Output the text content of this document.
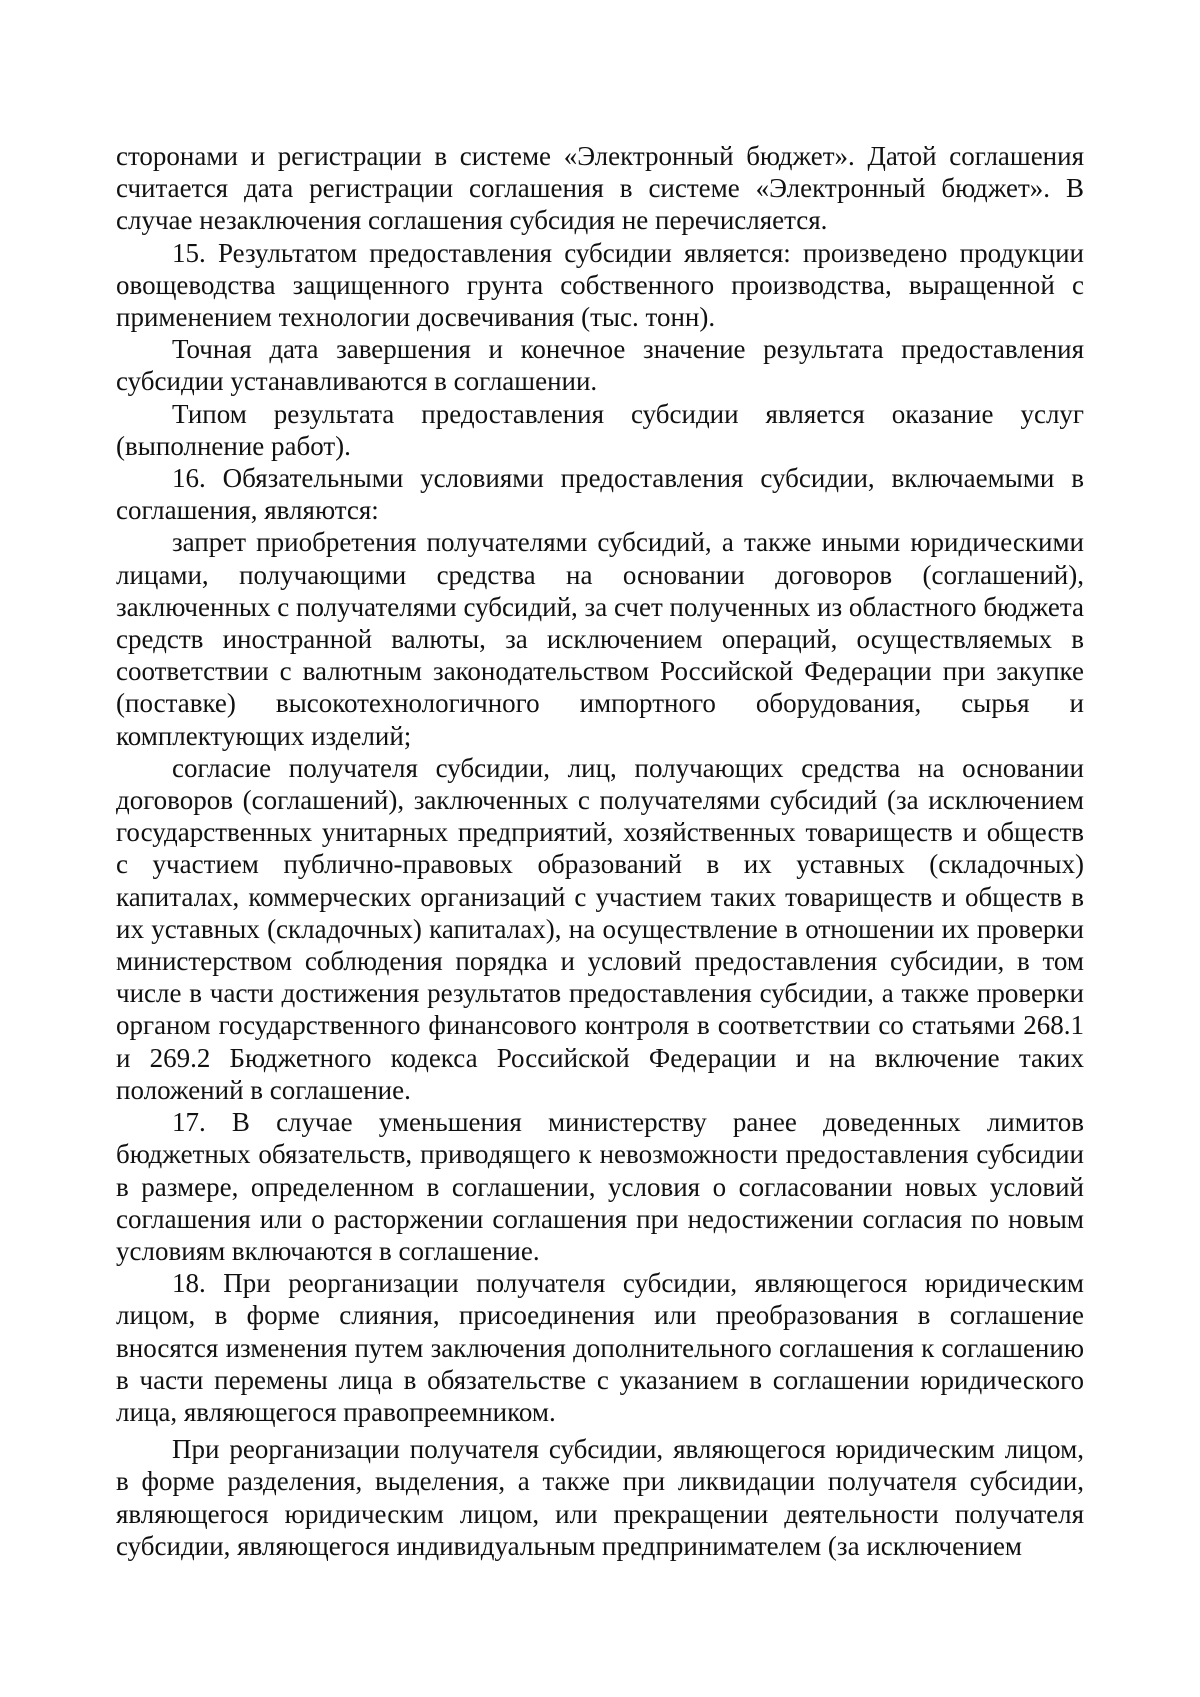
сторонами и регистрации в системе «Электронный бюджет». Датой соглашения считается дата регистрации соглашения в системе «Электронный бюджет». В случае незаключения соглашения субсидия не перечисляется.

15. Результатом предоставления субсидии является: произведено продукции овощеводства защищенного грунта собственного производства, выращенной с применением технологии досвечивания (тыс. тонн).

Точная дата завершения и конечное значение результата предоставления субсидии устанавливаются в соглашении.

Типом результата предоставления субсидии является оказание услуг (выполнение работ).

16. Обязательными условиями предоставления субсидии, включаемыми в соглашения, являются:

запрет приобретения получателями субсидий, а также иными юридическими лицами, получающими средства на основании договоров (соглашений), заключенных с получателями субсидий, за счет полученных из областного бюджета средств иностранной валюты, за исключением операций, осуществляемых в соответствии с валютным законодательством Российской Федерации при закупке (поставке) высокотехнологичного импортного оборудования, сырья и комплектующих изделий;

согласие получателя субсидии, лиц, получающих средства на основании договоров (соглашений), заключенных с получателями субсидий (за исключением государственных унитарных предприятий, хозяйственных товариществ и обществ с участием публично-правовых образований в их уставных (складочных) капиталах, коммерческих организаций с участием таких товариществ и обществ в их уставных (складочных) капиталах), на осуществление в отношении их проверки министерством соблюдения порядка и условий предоставления субсидии, в том числе в части достижения результатов предоставления субсидии, а также проверки органом государственного финансового контроля в соответствии со статьями 268.1 и 269.2 Бюджетного кодекса Российской Федерации и на включение таких положений в соглашение.

17. В случае уменьшения министерству ранее доведенных лимитов бюджетных обязательств, приводящего к невозможности предоставления субсидии в размере, определенном в соглашении, условия о согласовании новых условий соглашения или о расторжении соглашения при недостижении согласия по новым условиям включаются в соглашение.

18. При реорганизации получателя субсидии, являющегося юридическим лицом, в форме слияния, присоединения или преобразования в соглашение вносятся изменения путем заключения дополнительного соглашения к соглашению в части перемены лица в обязательстве с указанием в соглашении юридического лица, являющегося правопреемником.

При реорганизации получателя субсидии, являющегося юридическим лицом, в форме разделения, выделения, а также при ликвидации получателя субсидии, являющегося юридическим лицом, или прекращении деятельности получателя субсидии, являющегося индивидуальным предпринимателем (за исключением
